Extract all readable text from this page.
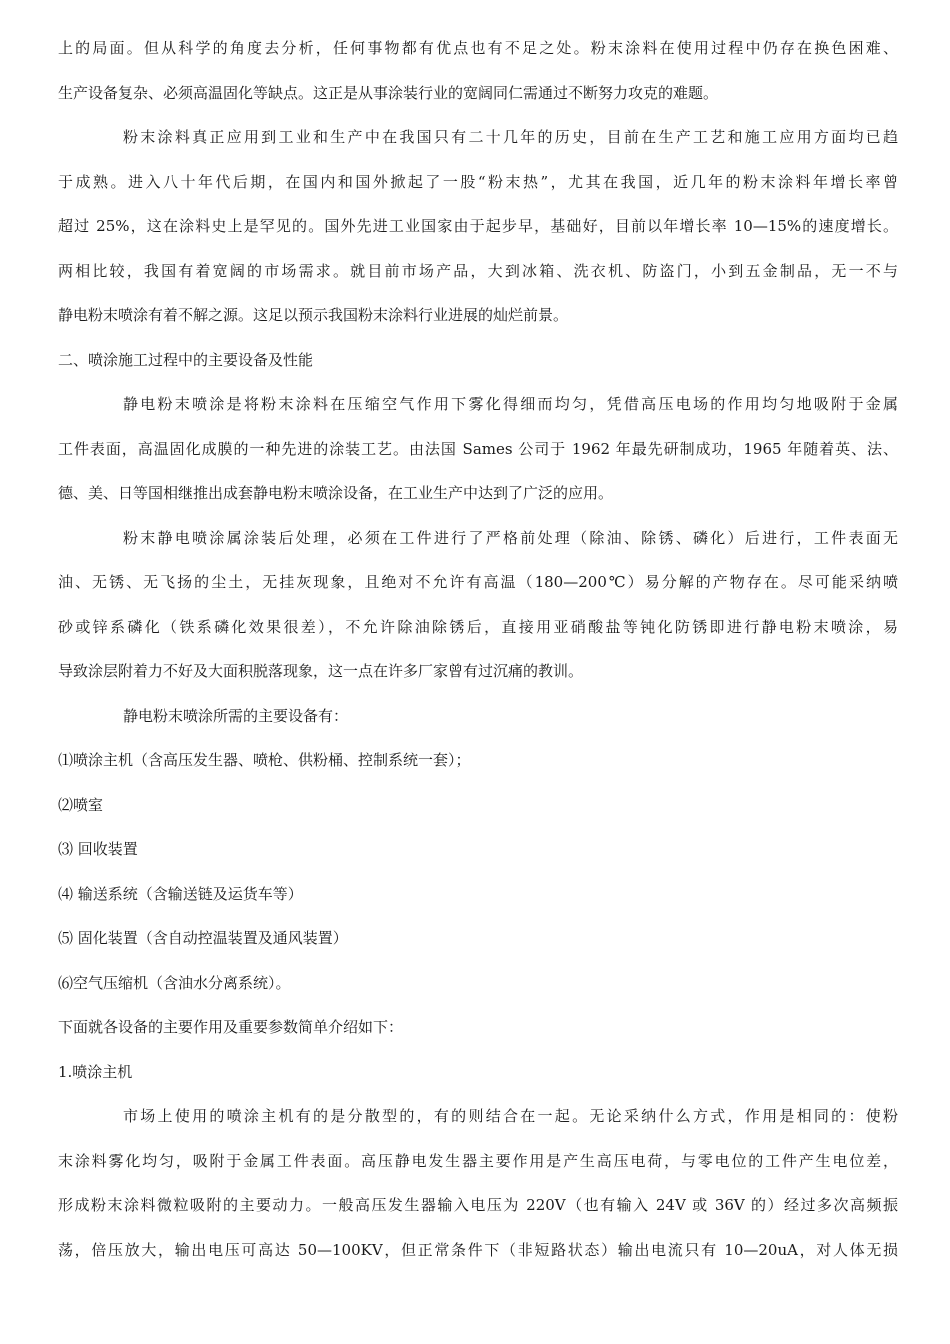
上的局面。但从科学的角度去分析，任何事物都有优点也有不足之处。粉末涂料在使用过程中仍存在换色困难、
生产设备复杂、必须高温固化等缺点。这正是从事涂装行业的宽阔同仁需通过不断努力攻克的难题。
粉末涂料真正应用到工业和生产中在我国只有二十几年的历史，目前在生产工艺和施工应用方面均已趋
于成熟。进入八十年代后期，在国内和国外掀起了一股“粉末热”，尤其在我国，近几年的粉末涂料年增长率曾
超过 25%，这在涂料史上是罕见的。国外先进工业国家由于起步早，基础好，目前以年增长率 10—15%的速度增长。
两相比较，我国有着宽阔的市场需求。就目前市场产品，大到冰箱、洗衣机、防盗门，小到五金制品，无一不与
静电粉末喷涂有着不解之源。这足以预示我国粉末涂料行业进展的灿烂前景。
二、喷涂施工过程中的主要设备及性能
静电粉末喷涂是将粉末涂料在压缩空气作用下雾化得细而均匀，凭借高压电场的作用均匀地吸附于金属
工件表面，高温固化成膜的一种先进的涂装工艺。由法国 Sames 公司于 1962 年最先研制成功，1965 年随着英、法、
德、美、日等国相继推出成套静电粉末喷涂设备，在工业生产中达到了广泛的应用。
粉末静电喷涂属涂装后处理，必须在工件进行了严格前处理（除油、除锈、磷化）后进行，工件表面无
油、无锈、无飞扬的尘土，无挂灰现象，且绝对不允许有高温（180—200℃）易分解的产物存在。尽可能采纳喷
砂或锌系磷化（铁系磷化效果很差），不允许除油除锈后，直接用亚硝酸盐等钝化防锈即进行静电粉末喷涂，易
导致涂层附着力不好及大面积脱落现象，这一点在许多厂家曾有过沉痛的教训。
静电粉末喷涂所需的主要设备有：
⑴喷涂主机（含高压发生器、喷枪、供粉桶、控制系统一套）；
⑵喷室
⑶ 回收装置
⑷ 输送系统（含输送链及运货车等）
⑸ 固化装置（含自动控温装置及通风装置）
⑹空气压缩机（含油水分离系统）。
下面就各设备的主要作用及重要参数简单介绍如下：
1.喷涂主机
市场上使用的喷涂主机有的是分散型的，有的则结合在一起。无论采纳什么方式，作用是相同的：使粉
末涂料雾化均匀，吸附于金属工件表面。高压静电发生器主要作用是产生高压电荷，与零电位的工件产生电位差，
形成粉末涂料微粒吸附的主要动力。一般高压发生器输入电压为 220V（也有输入 24V 或 36V 的）经过多次高频振
荡，倍压放大，输出电压可高达 50—100KV，但正常条件下（非短路状态）输出电流只有 10—20uA，对人体无损
